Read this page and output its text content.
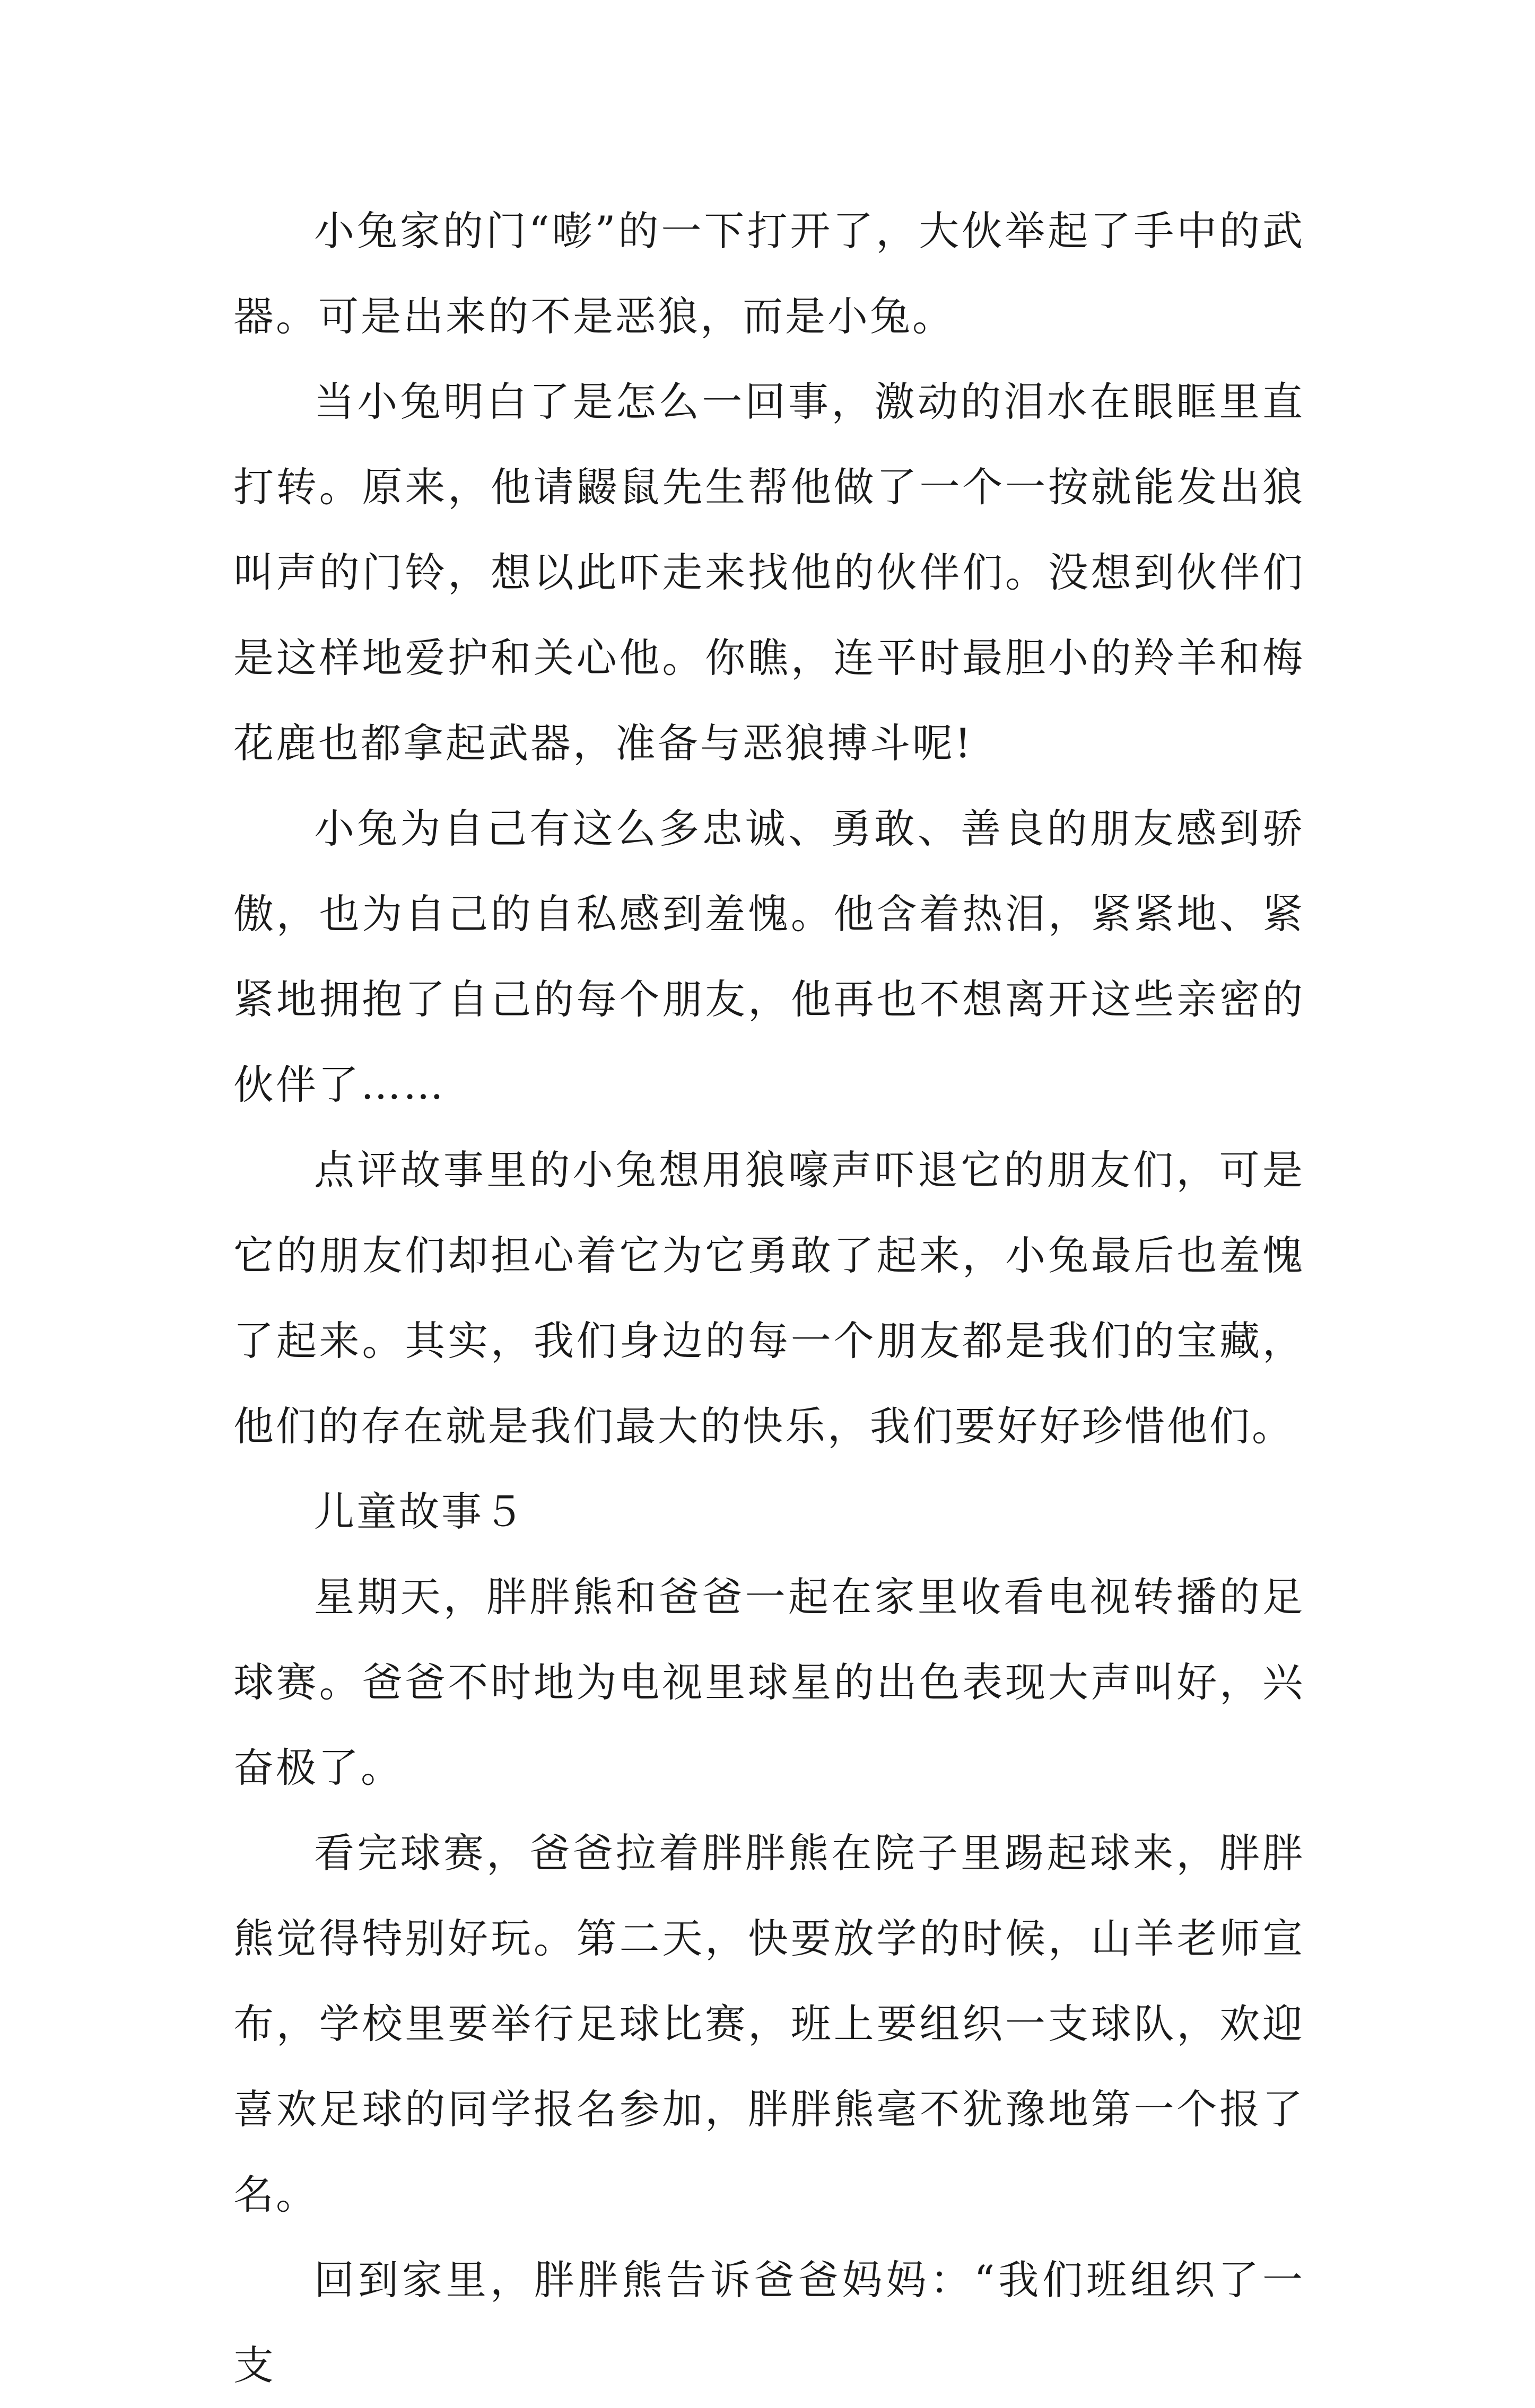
小兔家的门“嘭”的一下打开了，大伙举起了手中的武器。可是出来的不是恶狼，而是小兔。

当小兔明白了是怎么一回事，激动的泪水在眼眶里直打转。原来，他请鼹鼠先生帮他做了一个一按就能发出狼叫声的门铃，想以此吓走来找他的伙伴们。没想到伙伴们是这样地爱护和关心他。你瞧，连平时最胆小的羚羊和梅花鹿也都拿起武器，准备与恶狼搏斗呢!

小兔为自己有这么多忠诚、勇敢、善良的朋友感到骄傲，也为自己的自私感到羞愧。他含着热泪，紧紧地、紧紧地拥抱了自己的每个朋友，他再也不想离开这些亲密的伙伴了……

点评故事里的小兔想用狼嚎声吓退它的朋友们，可是它的朋友们却担心着它为它勇敢了起来，小兔最后也羞愧了起来。其实，我们身边的每一个朋友都是我们的宝藏，他们的存在就是我们最大的快乐，我们要好好珍惜他们。

儿童故事５

星期天，胖胖熊和爸爸一起在家里收看电视转播的足球赛。爸爸不时地为电视里球星的出色表现大声叫好，兴奋极了。

看完球赛，爸爸拉着胖胖熊在院子里踢起球来，胖胖熊觉得特别好玩。第二天，快要放学的时候，山羊老师宣布，学校里要举行足球比赛，班上要组织一支球队，欢迎喜欢足球的同学报名参加，胖胖熊毫不犹豫地第一个报了名。

回到家里，胖胖熊告诉爸爸妈妈：“我们班组织了一支
